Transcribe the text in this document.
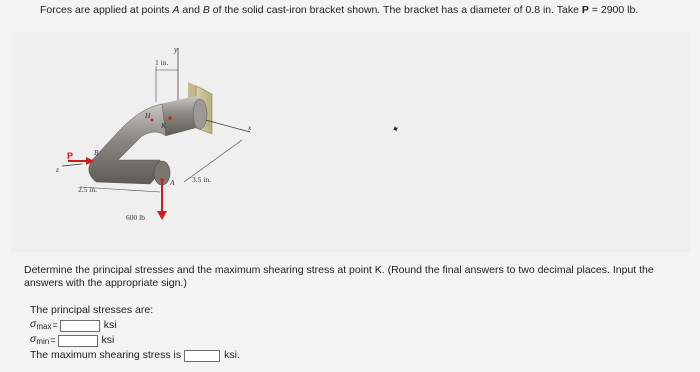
Forces are applied at points A and B of the solid cast-iron bracket shown. The bracket has a diameter of 0.8 in. Take P = 2900 lb.
y
1 in.
H
K
P	B
z
2.5 in.
600 lb
A 3.5 in.
x	✦
Determine the principal stresses and the maximum shearing stress at point K. (Round the final answers to two decimal places. Input the answers with the appropriate sign.)
The principal stresses are:
$\sigma_{max}$ =	ksi
$\sigma_{min}$ =	ksi
The maximum shearing stress is	ksi.
